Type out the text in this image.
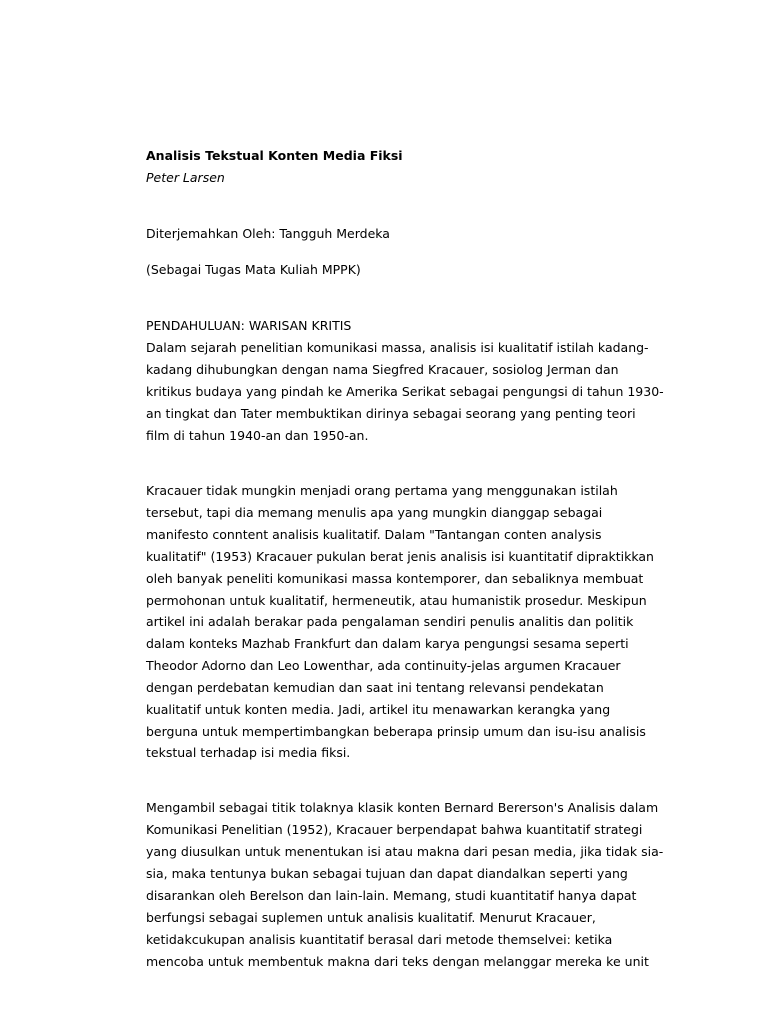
Analisis Tekstual Konten Media Fiksi
Peter Larsen
Diterjemahkan Oleh: Tangguh Merdeka
(Sebagai Tugas Mata Kuliah MPPK)
PENDAHULUAN: WARISAN KRITIS
Dalam sejarah penelitian komunikasi massa, analisis isi kualitatif istilah kadang-
kadang dihubungkan dengan nama Siegfred Kracauer, sosiolog Jerman dan
kritikus budaya yang pindah ke Amerika Serikat sebagai pengungsi di tahun 1930-
an tingkat dan Tater membuktikan dirinya sebagai seorang yang penting teori
film di tahun 1940-an dan 1950-an.
Kracauer tidak mungkin menjadi orang pertama yang menggunakan istilah
tersebut, tapi dia memang menulis apa yang mungkin dianggap sebagai
manifesto conntent analisis kualitatif. Dalam "Tantangan conten analysis
kualitatif" (1953) Kracauer pukulan berat jenis analisis isi kuantitatif dipraktikkan
oleh banyak peneliti komunikasi massa kontemporer, dan sebaliknya membuat
permohonan untuk kualitatif, hermeneutik, atau humanistik prosedur. Meskipun
artikel ini adalah berakar pada pengalaman sendiri penulis analitis dan politik
dalam konteks Mazhab Frankfurt dan dalam karya pengungsi sesama seperti
Theodor Adorno dan Leo Lowenthar, ada continuity-jelas argumen Kracauer
dengan perdebatan kemudian dan saat ini tentang relevansi pendekatan
kualitatif untuk konten media. Jadi, artikel itu menawarkan kerangka yang
berguna untuk mempertimbangkan beberapa prinsip umum dan isu-isu analisis
tekstual terhadap isi media fiksi.
Mengambil sebagai titik tolaknya klasik konten Bernard Bererson's Analisis dalam
Komunikasi Penelitian (1952), Kracauer berpendapat bahwa kuantitatif strategi
yang diusulkan untuk menentukan isi atau makna dari pesan media, jika tidak sia-
sia, maka tentunya bukan sebagai tujuan dan dapat diandalkan seperti yang
disarankan oleh Berelson dan lain-lain. Memang, studi kuantitatif hanya dapat
berfungsi sebagai suplemen untuk analisis kualitatif. Menurut Kracauer,
ketidakcukupan analisis kuantitatif berasal dari metode themselvei: ketika
mencoba untuk membentuk makna dari teks dengan melanggar mereka ke unit
